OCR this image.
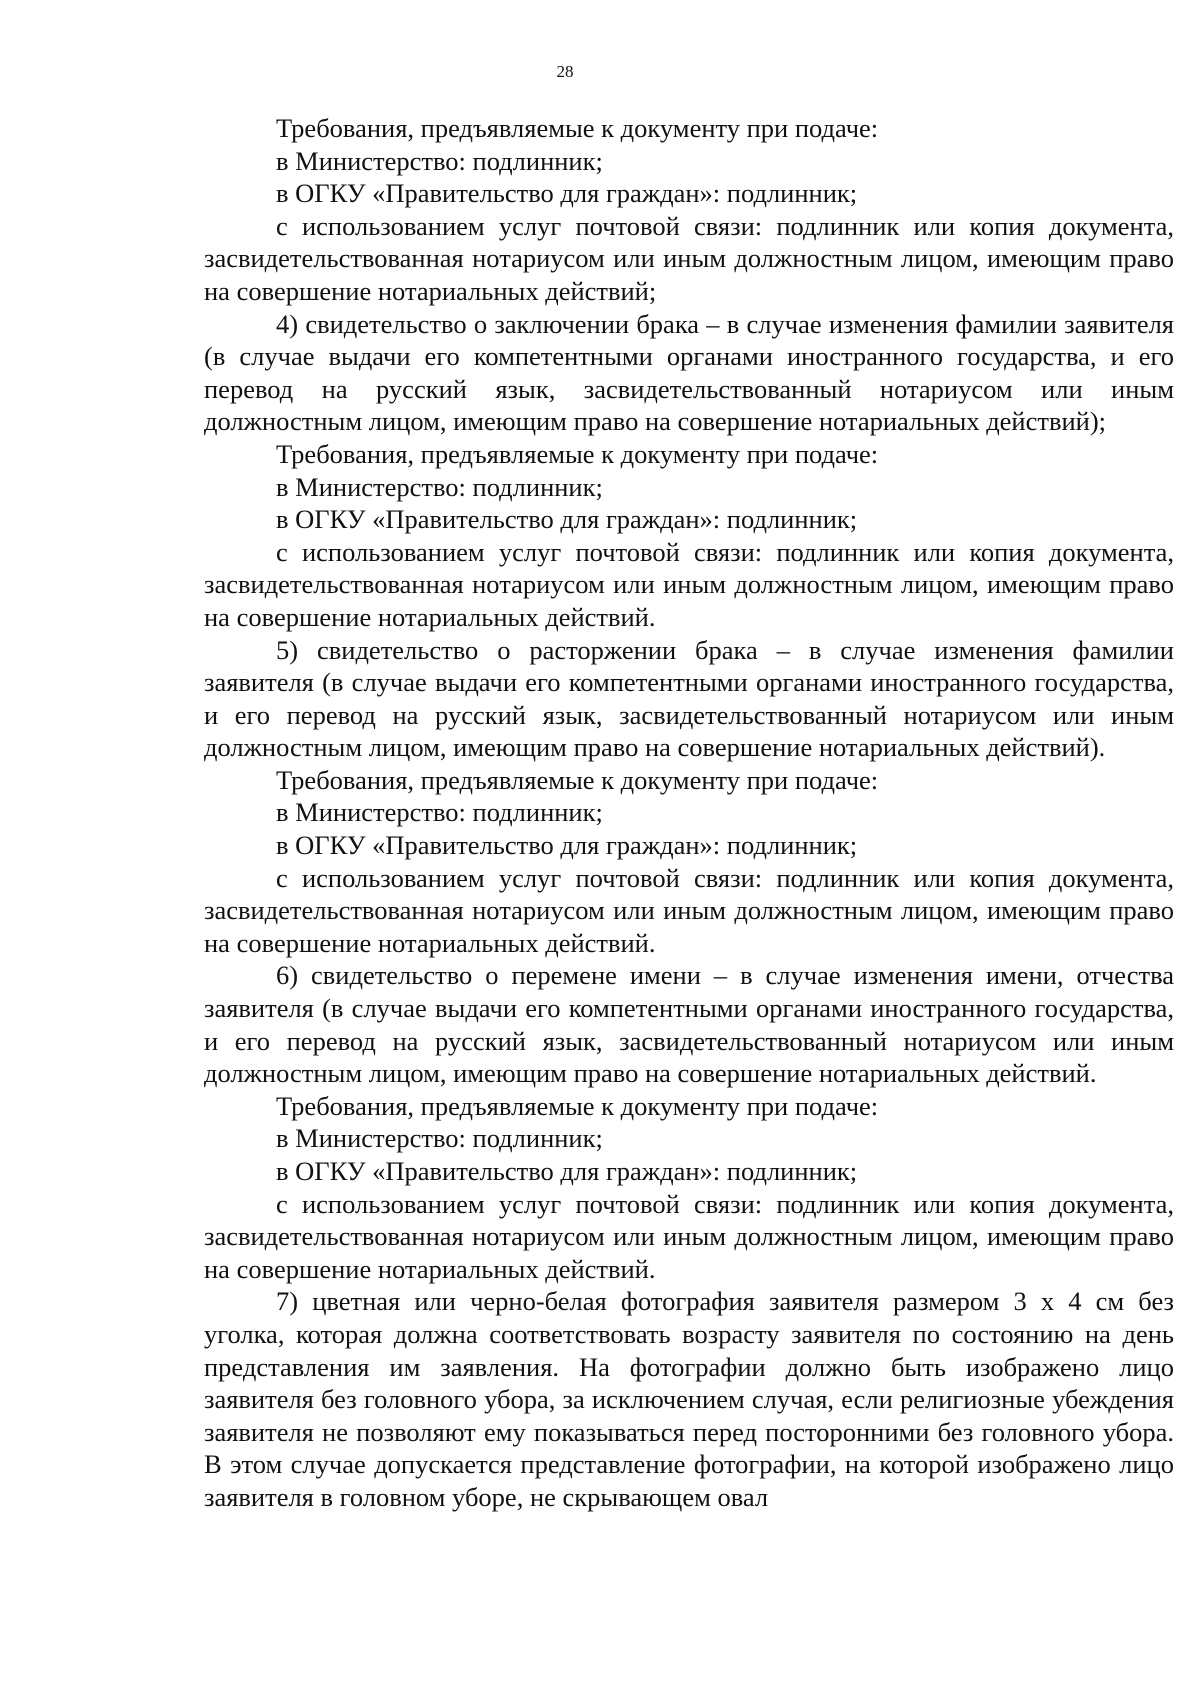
28

Требования, предъявляемые к документу при подаче:

в Министерство: подлинник;

в ОГКУ «Правительство для граждан»: подлинник;

с использованием услуг почтовой связи: подлинник или копия документа, засвидетельствованная нотариусом или иным должностным лицом, имеющим право на совершение нотариальных действий;

4) свидетельство о заключении брака – в случае изменения фамилии заявителя (в случае выдачи его компетентными органами иностранного государства, и его перевод на русский язык, засвидетельствованный нотариусом или иным должностным лицом, имеющим право на совершение нотариальных действий);

Требования, предъявляемые к документу при подаче:

в Министерство: подлинник;

в ОГКУ «Правительство для граждан»: подлинник;

с использованием услуг почтовой связи: подлинник или копия документа, засвидетельствованная нотариусом или иным должностным лицом, имеющим право на совершение нотариальных действий.

5) свидетельство о расторжении брака – в случае изменения фамилии заявителя (в случае выдачи его компетентными органами иностранного государства, и его перевод на русский язык, засвидетельствованный нотариусом или иным должностным лицом, имеющим право на совершение нотариальных действий).

Требования, предъявляемые к документу при подаче:

в Министерство: подлинник;

в ОГКУ «Правительство для граждан»: подлинник;

с использованием услуг почтовой связи: подлинник или копия документа, засвидетельствованная нотариусом или иным должностным лицом, имеющим право на совершение нотариальных действий.

6) свидетельство о перемене имени – в случае изменения имени, отчества заявителя (в случае выдачи его компетентными органами иностранного государства, и его перевод на русский язык, засвидетельствованный нотариусом или иным должностным лицом, имеющим право на совершение нотариальных действий.

Требования, предъявляемые к документу при подаче:

в Министерство: подлинник;

в ОГКУ «Правительство для граждан»: подлинник;

с использованием услуг почтовой связи: подлинник или копия документа, засвидетельствованная нотариусом или иным должностным лицом, имеющим право на совершение нотариальных действий.

7) цветная или черно-белая фотография заявителя размером 3 х 4 см без уголка, которая должна соответствовать возрасту заявителя по состоянию на день представления им заявления. На фотографии должно быть изображено лицо заявителя без головного убора, за исключением случая, если религиозные убеждения заявителя не позволяют ему показываться перед посторонними без головного убора. В этом случае допускается представление фотографии, на которой изображено лицо заявителя в головном уборе, не скрывающем овал
